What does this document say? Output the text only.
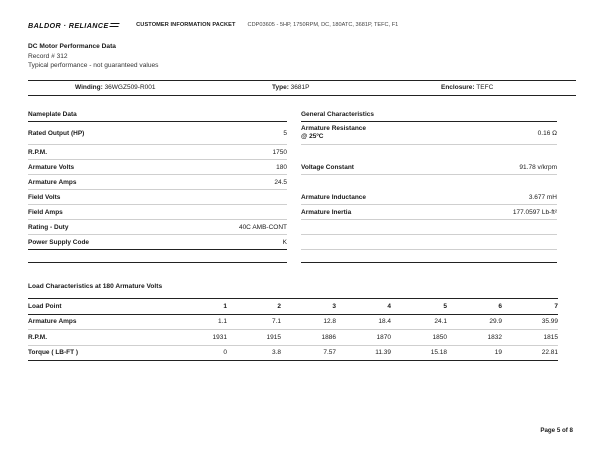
BALDOR · RELIANCE	CUSTOMER INFORMATION PACKET CDP03605 - 5HP, 1750RPM, DC, 180ATC, 3681P, TEFC, F1
DC Motor Performance Data
Record # 312
Typical performance - not guaranteed values
Winding: 36WGZ509-R001	Type: 3681P	Enclosure: TEFC
Nameplate Data
Rated Output (HP)	5
R.P.M.	1750
Armature Volts	180
Armature Amps	24.5
Field Volts
Field Amps
Rating - Duty	40C AMB-CONT
Power Supply Code	K
General Characteristics
Armature Resistance
@ 25ºC	0.16 Ω
Voltage Constant	91.78 v/krpm
Armature Inductance	3.677 mH
Armature Inertia	177.0597 Lb-ft²
Load Characteristics at 180 Armature Volts
Load Point	1	2	3	4	5	6	7
Armature Amps	1.1	7.1	12.8	18.4	24.1	29.9	35.99
R.P.M.	1931	1915	1886	1870	1850	1832	1815
Torque ( LB-FT )	0	3.8	7.57	11.39	15.18	19	22.81
Page 5 of 8
